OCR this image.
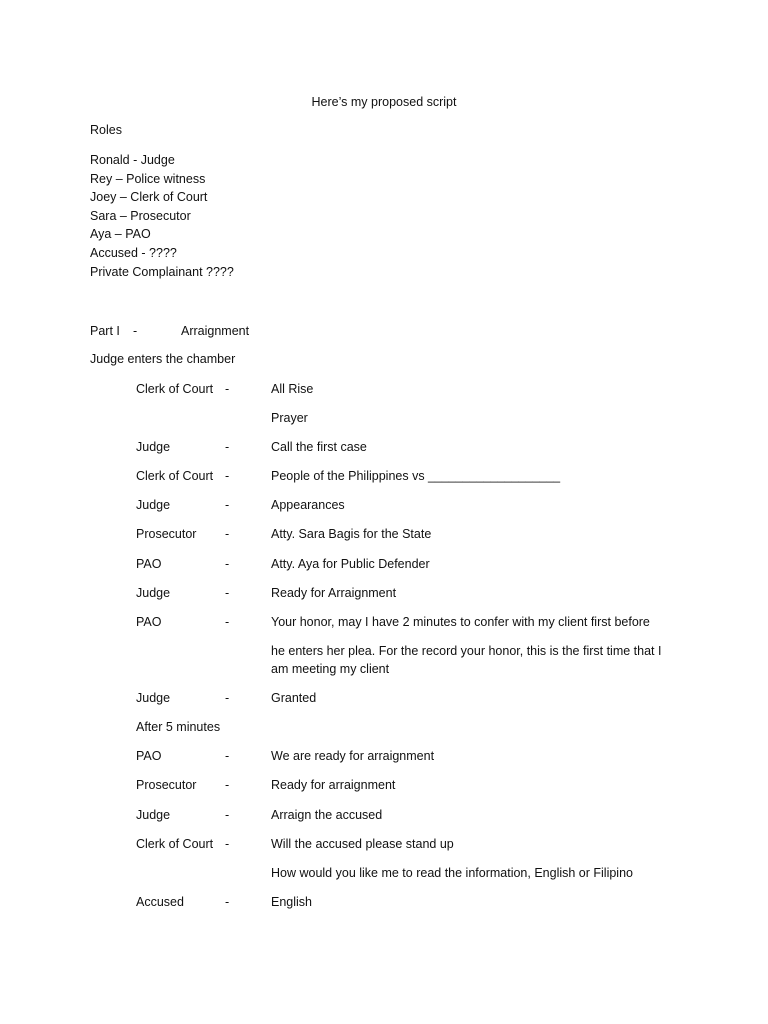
Here’s my proposed script
Roles
Ronald - Judge
Rey – Police witness
Joey – Clerk of Court
Sara – Prosecutor
Aya – PAO
Accused - ????
Private Complainant ????
Part I -	Arraignment
Judge enters the chamber
Clerk of Court -	All Rise
Prayer
Judge	-	Call the first case
Clerk of Court -	People of the Philippines vs ___________________
Judge	-	Appearances
Prosecutor -	Atty. Sara Bagis for the State
PAO	-	Atty. Aya for Public Defender
Judge	-	Ready for Arraignment
PAO	-	Your honor, may I have 2 minutes to confer with my client first before
he enters her plea. For the record your honor, this is the first time that I
am meeting my client
Judge	-	Granted
After 5 minutes
PAO	-	We are ready for arraignment
Prosecutor -	Ready for arraignment
Judge	-	Arraign the accused
Clerk of Court -	Will the accused please stand up
How would you like me to read the information, English or Filipino
Accused	-	English
